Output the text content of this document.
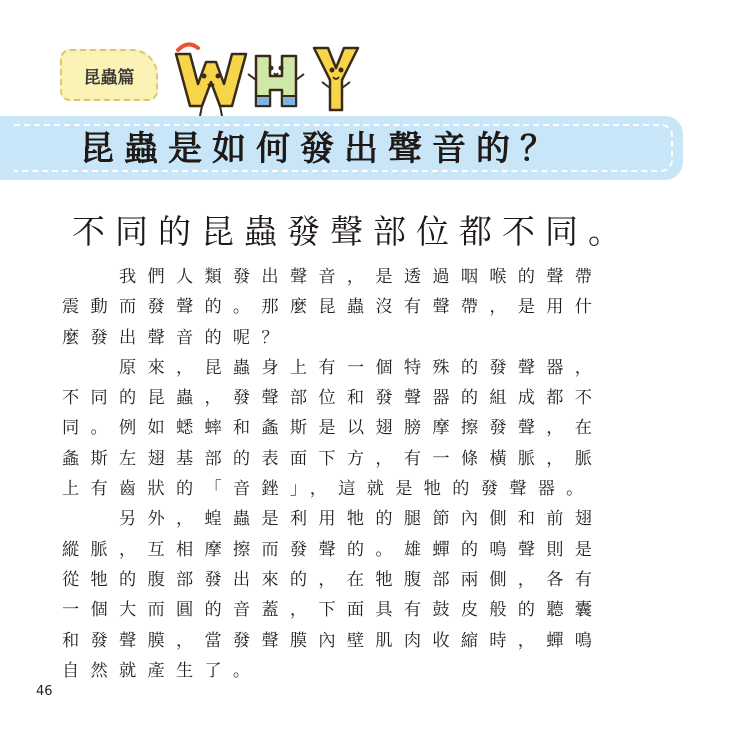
昆蟲篇
昆蟲是如何發出聲音的？
不同的昆蟲發聲部位都不同。

　　我們人類發出聲音，是透過咽喉的聲帶

震動而發聲的。那麼昆蟲沒有聲帶，是用什

麼發出聲音的呢？

　　原來，昆蟲身上有一個特殊的發聲器，

不同的昆蟲，發聲部位和發聲器的組成都不

同。例如蟋蟀和螽斯是以翅膀摩擦發聲，在

螽斯左翅基部的表面下方，有一條橫脈，脈

上有齒狀的「音銼」，這就是牠的發聲器。

　　另外，蝗蟲是利用牠的腿節內側和前翅

縱脈，互相摩擦而發聲的。雄蟬的鳴聲則是

從牠的腹部發出來的，在牠腹部兩側，各有

一個大而圓的音蓋，下面具有鼓皮般的聽囊

和發聲膜，當發聲膜內壁肌肉收縮時，蟬鳴

自然就產生了。

46
